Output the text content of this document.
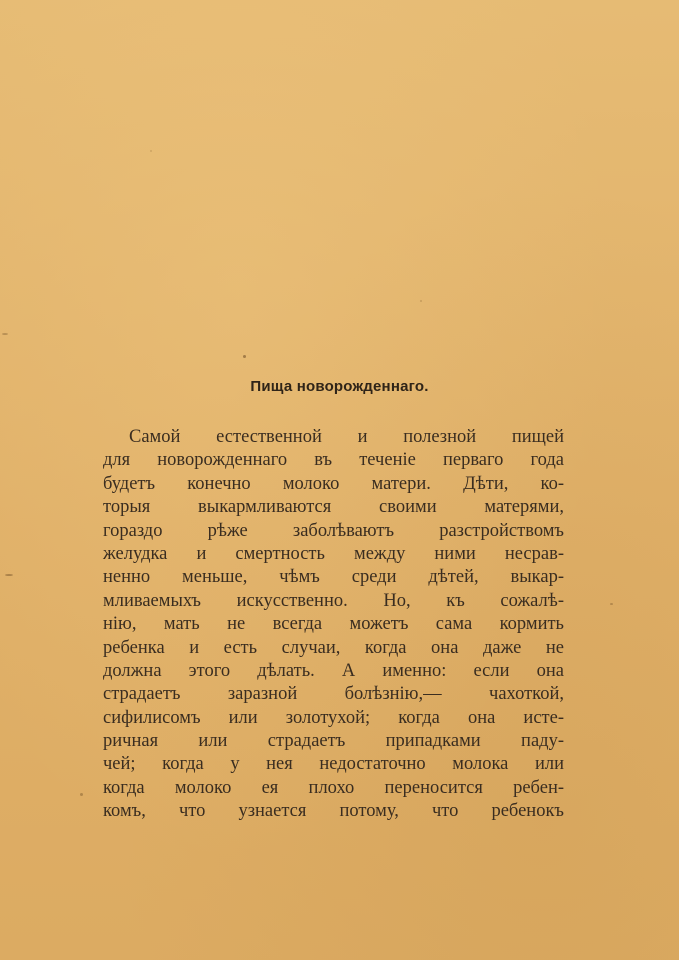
Пища новорожденнаго.
Самой естественной и полезной пищей
для новорожденнаго въ теченіе перваго года
будетъ конечно молоко матери. Дѣти, ко-
торыя выкармливаются своими матерями,
гораздо рѣже заболѣваютъ разстройствомъ
желудка и смертность между ними несрав-
ненно меньше, чѣмъ среди дѣтей, выкар-
мливаемыхъ искусственно. Но, къ сожалѣ-
нію, мать не всегда можетъ сама кормить
ребенка и есть случаи, когда она даже не
должна этого дѣлать. А именно: если она
страдаетъ заразной болѣзнію,— чахоткой,
сифилисомъ или золотухой; когда она истe-
ричная или страдаетъ припадками паду-
чей; когда у нея недостаточно молока или
когда молоко ея плохо переносится ребен-
комъ, что узнается потому, что ребенокъ
